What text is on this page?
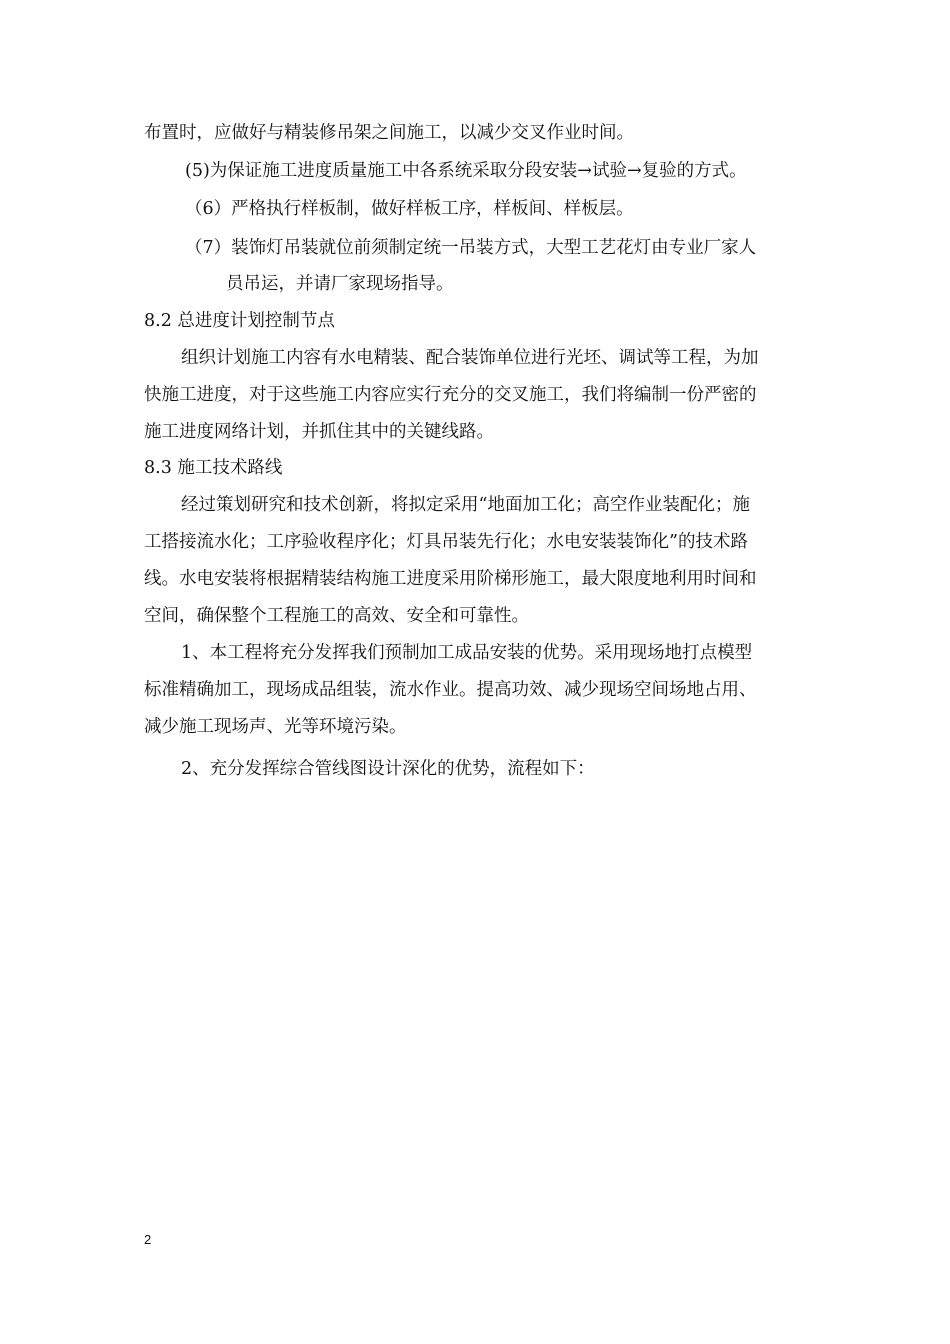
布置时，应做好与精装修吊架之间施工，以减少交叉作业时间。
(5)为保证施工进度质量施工中各系统采取分段安装→试验→复验的方式。
（6）严格执行样板制，做好样板工序，样板间、样板层。
（7）装饰灯吊装就位前须制定统一吊装方式，大型工艺花灯由专业厂家人
员吊运，并请厂家现场指导。
8.2 总进度计划控制节点
组织计划施工内容有水电精装、配合装饰单位进行光坯、调试等工程，为加
快施工进度，对于这些施工内容应实行充分的交叉施工，我们将编制一份严密的
施工进度网络计划，并抓住其中的关键线路。
8.3 施工技术路线
经过策划研究和技术创新，将拟定采用“地面加工化；高空作业装配化；施
工搭接流水化；工序验收程序化；灯具吊装先行化；水电安装装饰化”的技术路
线。水电安装将根据精装结构施工进度采用阶梯形施工，最大限度地利用时间和
空间，确保整个工程施工的高效、安全和可靠性。
1、本工程将充分发挥我们预制加工成品安装的优势。采用现场地打点模型
标准精确加工，现场成品组装，流水作业。提高功效、减少现场空间场地占用、
减少施工现场声、光等环境污染。
2、充分发挥综合管线图设计深化的优势，流程如下：
2
